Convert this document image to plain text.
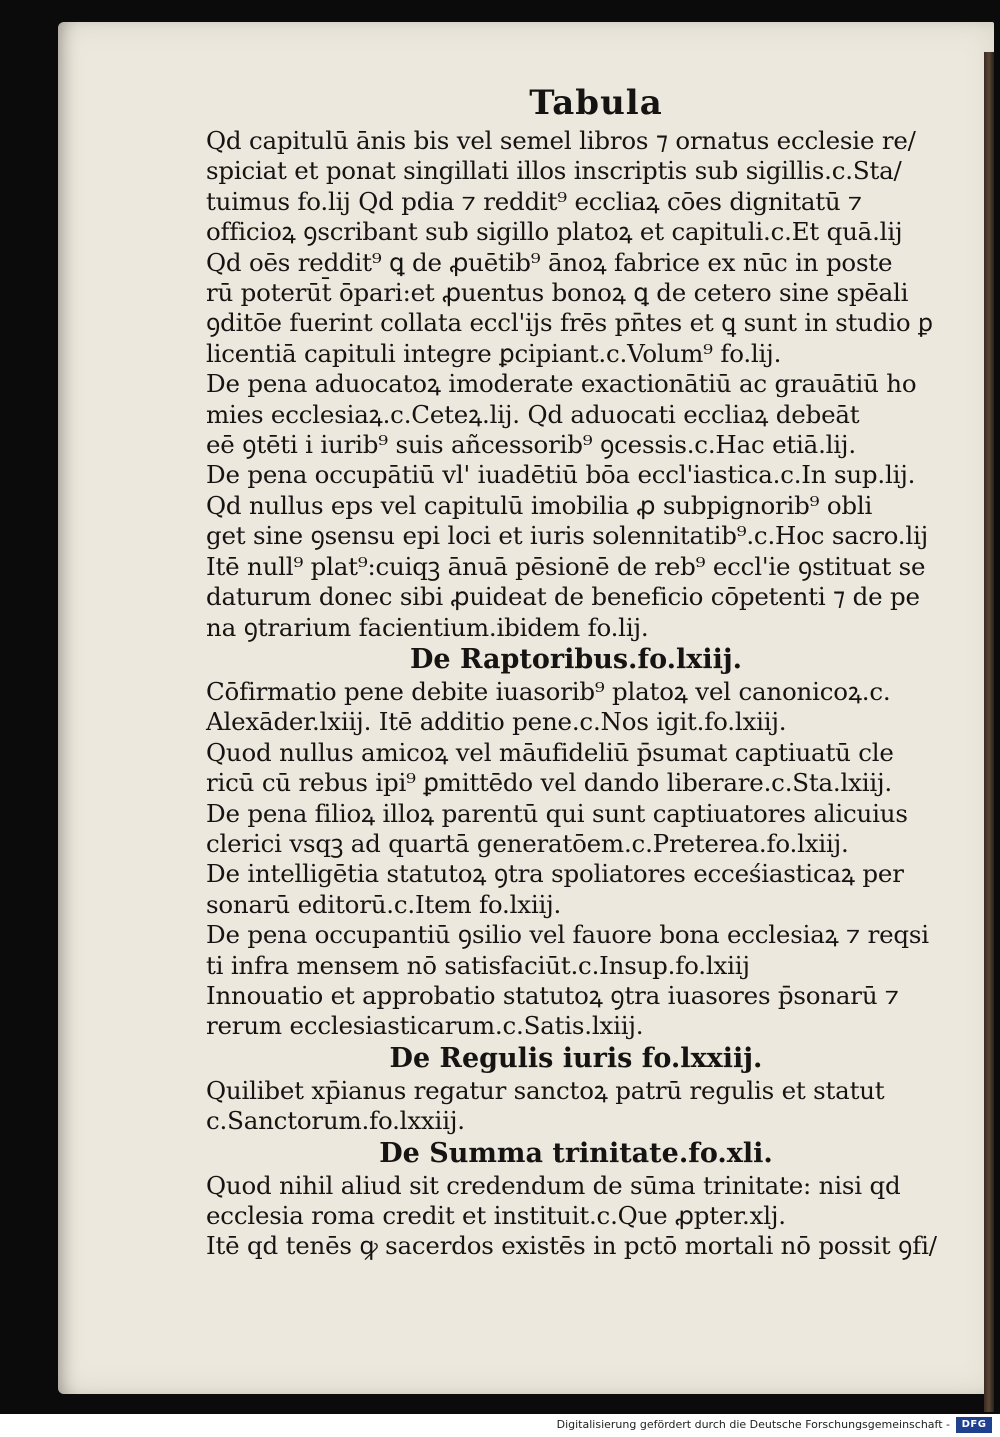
Tabula
Qd capitulū ānis bis vel semel libros ⁊ ornatus ecclesie re/
spiciat et ponat singillati illos inscriptis sub sigillis.c.Sta/
tuimus fo.lij Qd pdia ⁊ reddit⁹ eccliaꝝ cōes dignitatū ⁊
officioꝝ ꝯscribant sub sigillo platoꝝ et capituli.c.Et quā.lij
Qd oēs reddit⁹ ꝗ de ꝓuētib⁹ ānoꝝ fabrice ex nūc in poste
rū poterūt̄ ōpari:et ꝓuentus bonoꝝ ꝗ de cetero sine spēali
ꝯditōe fuerint collata eccl'ijs frēs pn̄tes et ꝗ sunt in studio ꝑ
licentiā capituli integre ꝑcipiant.c.Volum⁹ fo.lij.
De pena aduocatoꝝ imoderate exactionātiū ac grauātiū ho
mies ecclesiaꝝ.c.Ceteꝝ.lij. Qd aduocati eccliaꝝ debeāt
eē ꝯtēti i iurib⁹ suis añcessorib⁹ ꝯcessis.c.Hac etiā.lij.
De pena occupātiū vl' iuadētiū bōa eccl'iastica.c.In sup.lij.
Qd nullus eps vel capitulū imobilia ꝓ subpignorib⁹ obli
get sine ꝯsensu epi loci et iuris solennitatib⁹.c.Hoc sacro.lij
Itē null⁹ plat⁹:cuiqꝫ ānuā pēsionē de reb⁹ eccl'ie ꝯstituat se
daturum donec sibi ꝓuideat de beneficio cōpetenti ⁊ de pe
na ꝯtrarium facientium.ibidem fo.lij.
De Raptoribus.fo.lxiij.
Cōfirmatio pene debite iuasorib⁹ platoꝝ vel canonicoꝝ.c.
Alexāder.lxiij. Itē additio pene.c.Nos igit.fo.lxiij.
Quod nullus amicoꝝ vel māufideliū p̄sumat captiuatū cle
ricū cū rebus ipi⁹ ꝑmittēdo vel dando liberare.c.Sta.lxiij.
De pena filioꝝ illoꝝ parentū qui sunt captiuatores alicuius
clerici vsqꝫ ad quartā generatōem.c.Preterea.fo.lxiij.
De intelligētia statutoꝝ ꝯtra spoliatores ecceśiasticaꝝ per
sonarū editorū.c.Item fo.lxiij.
De pena occupantiū ꝯsilio vel fauore bona ecclesiaꝝ ⁊ reqsi
ti infra mensem nō satisfaciūt.c.Insup.fo.lxiij
Innouatio et approbatio statutoꝝ ꝯtra iuasores p̄sonarū ⁊
rerum ecclesiasticarum.c.Satis.lxiij.
De Regulis iuris fo.lxxiij.
Quilibet xp̄ianus regatur sanctoꝝ patrū regulis et statut
c.Sanctorum.fo.lxxiij.
De Summa trinitate.fo.xli.
Quod nihil aliud sit credendum de sūma trinitate: nisi qd
ecclesia roma credit et instituit.c.Que ꝓpter.xlj.
Itē qd tenēs ꝙ sacerdos existēs in pctō mortali nō possit ꝯfi/
Digitalisierung gefördert durch die Deutsche Forschungsgemeinschaft -	DFG
